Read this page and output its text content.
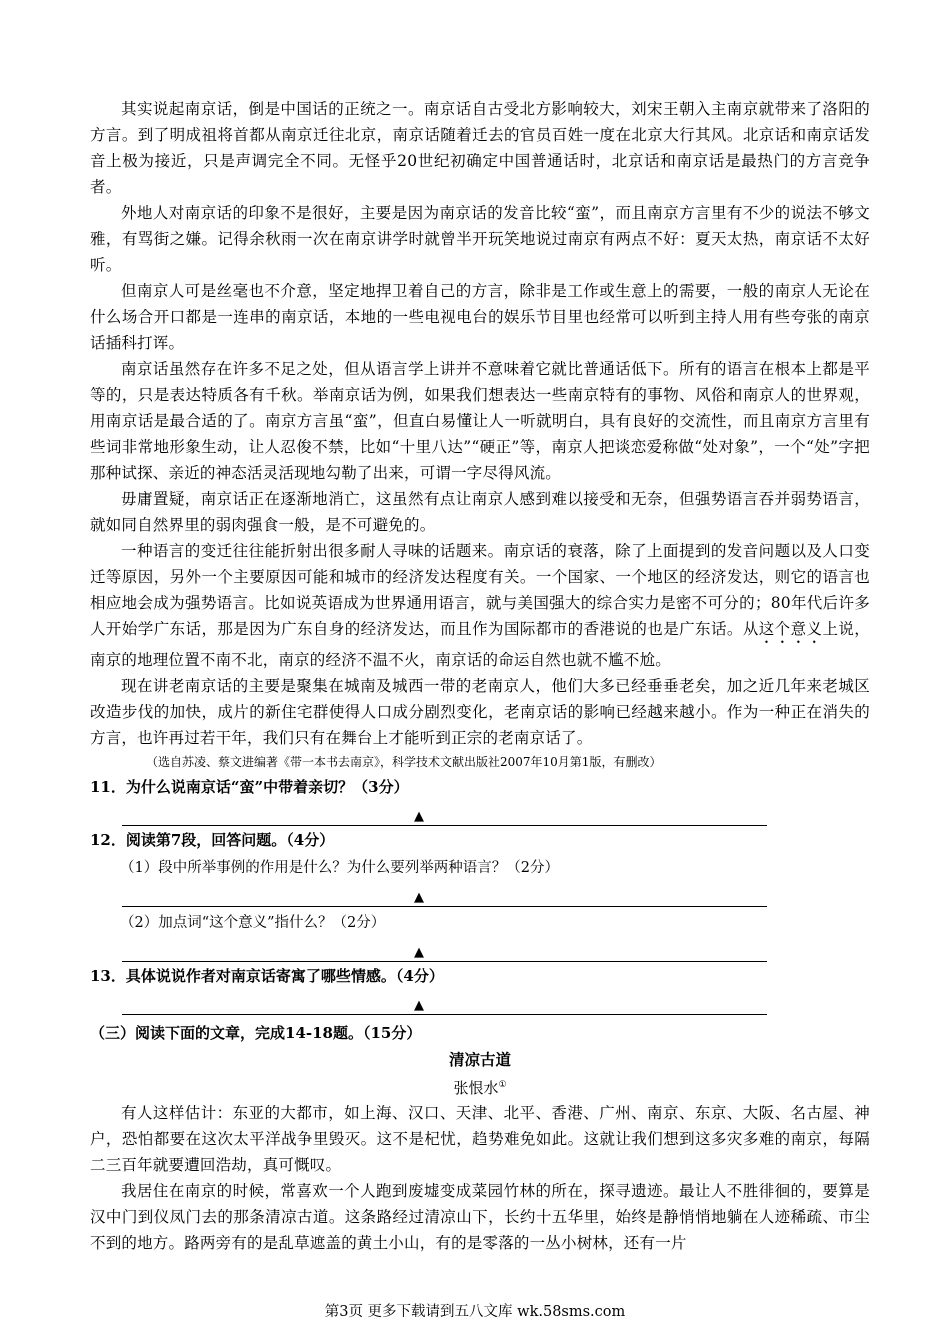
其实说起南京话，倒是中国话的正统之一。南京话自古受北方影响较大，刘宋王朝入主南京就带来了洛阳的方言。到了明成祖将首都从南京迁往北京，南京话随着迁去的官员百姓一度在北京大行其风。北京话和南京话发音上极为接近，只是声调完全不同。无怪乎20世纪初确定中国普通话时，北京话和南京话是最热门的方言竞争者。

外地人对南京话的印象不是很好，主要是因为南京话的发音比较“蛮”，而且南京方言里有不少的说法不够文雅，有骂街之嫌。记得余秋雨一次在南京讲学时就曾半开玩笑地说过南京有两点不好：夏天太热，南京话不太好听。

但南京人可是丝毫也不介意，坚定地捍卫着自己的方言，除非是工作或生意上的需要，一般的南京人无论在什么场合开口都是一连串的南京话，本地的一些电视电台的娱乐节目里也经常可以听到主持人用有些夸张的南京话插科打诨。

南京话虽然存在许多不足之处，但从语言学上讲并不意味着它就比普通话低下。所有的语言在根本上都是平等的，只是表达特质各有千秋。举南京话为例，如果我们想表达一些南京特有的事物、风俗和南京人的世界观，用南京话是最合适的了。南京方言虽“蛮”，但直白易懂让人一听就明白，具有良好的交流性，而且南京方言里有些词非常地形象生动，让人忍俊不禁，比如“十里八达”“硬正”等，南京人把谈恋爱称做“处对象”，一个“处”字把那种试探、亲近的神态活灵活现地勾勒了出来，可谓一字尽得风流。

毋庸置疑，南京话正在逐渐地消亡，这虽然有点让南京人感到难以接受和无奈，但强势语言吞并弱势语言，就如同自然界里的弱肉强食一般，是不可避免的。

一种语言的变迁往往能折射出很多耐人寻味的话题来。南京话的衰落，除了上面提到的发音问题以及人口变迁等原因，另外一个主要原因可能和城市的经济发达程度有关。一个国家、一个地区的经济发达，则它的语言也相应地会成为强势语言。比如说英语成为世界通用语言，就与美国强大的综合实力是密不可分的；80年代后许多人开始学广东话，那是因为广东自身的经济发达，而且作为国际都市的香港说的也是广东话。从这个意义上说，南京的地理位置不南不北，南京的经济不温不火，南京话的命运自然也就不尴不尬。

现在讲老南京话的主要是聚集在城南及城西一带的老南京人，他们大多已经垂垂老矣，加之近几年来老城区改造步伐的加快，成片的新住宅群使得人口成分剧烈变化，老南京话的影响已经越来越小。作为一种正在消失的方言，也许再过若干年，我们只有在舞台上才能听到正宗的老南京话了。

（选自苏凌、蔡文进编著《带一本书去南京》，科学技术文献出版社2007年10月第1版，有删改）
11．为什么说南京话“蛮”中带着亲切？（3分）
▲
12．阅读第7段，回答问题。（4分）
（1）段中所举事例的作用是什么？为什么要列举两种语言？（2分）
▲
（2）加点词“这个意义”指什么？（2分）
▲
13．具体说说作者对南京话寄寓了哪些情感。（4分）
▲
（三）阅读下面的文章，完成14-18题。（15分）
清凉古道
张恨水①

有人这样估计：东亚的大都市，如上海、汉口、天津、北平、香港、广州、南京、东京、大阪、名古屋、神户，恐怕都要在这次太平洋战争里毁灭。这不是杞忧，趋势难免如此。这就让我们想到这多灾多难的南京，每隔二三百年就要遭回浩劫，真可慨叹。

我居住在南京的时候，常喜欢一个人跑到废墟变成菜园竹林的所在，探寻遗迹。最让人不胜徘徊的，要算是汉中门到仪凤门去的那条清凉古道。这条路经过清凉山下，长约十五华里，始终是静悄悄地躺在人迹稀疏、市尘不到的地方。路两旁有的是乱草遮盖的黄土小山，有的是零落的一丛小树林，还有一片

第3页 更多下载请到五八文库 wk.58sms.com
